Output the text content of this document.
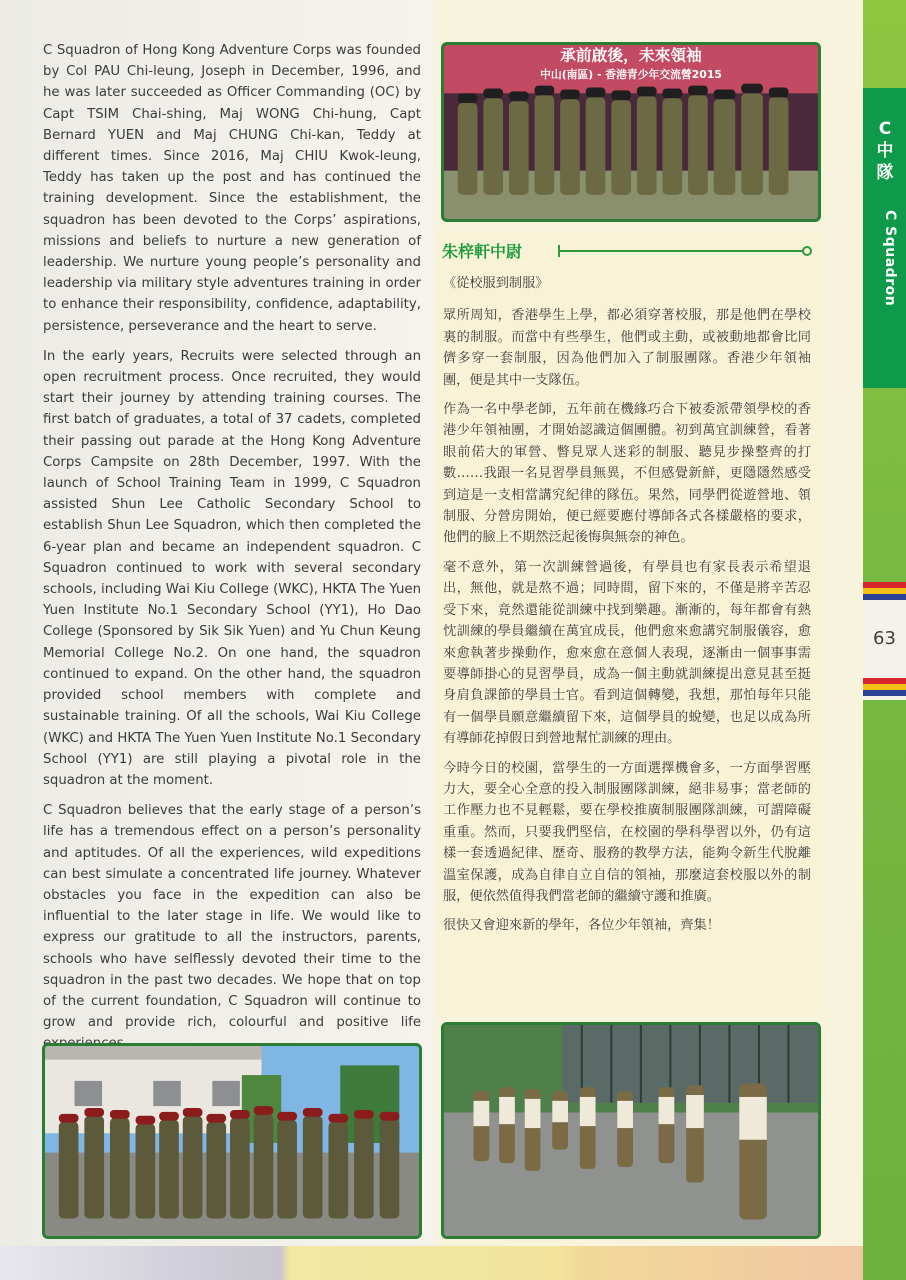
C
中
隊
C Squadron
63

C Squadron of Hong Kong Adventure Corps was founded by Col PAU Chi-leung, Joseph in December, 1996, and he was later succeeded as Officer Commanding (OC) by Capt TSIM Chai-shing, Maj WONG Chi-hung, Capt Bernard YUEN and Maj CHUNG Chi-kan, Teddy at different times. Since 2016, Maj CHIU Kwok-leung, Teddy has taken up the post and has continued the training development. Since the establishment, the squadron has been devoted to the Corps’ aspirations, missions and beliefs to nurture a new generation of leadership. We nurture young people’s personality and leadership via military style adventures training in order to enhance their responsibility, confidence, adaptability, persistence, perseverance and the heart to serve.

In the early years, Recruits were selected through an open recruitment process. Once recruited, they would start their journey by attending training courses. The first batch of graduates, a total of 37 cadets, completed their passing out parade at the Hong Kong Adventure Corps Campsite on 28th December, 1997. With the launch of School Training Team in 1999, C Squadron assisted Shun Lee Catholic Secondary School to establish Shun Lee Squadron, which then completed the 6-year plan and became an independent squadron. C Squadron continued to work with several secondary schools, including Wai Kiu College (WKC), HKTA The Yuen Yuen Institute No.1 Secondary School (YY1), Ho Dao College (Sponsored by Sik Sik Yuen) and Yu Chun Keung Memorial College No.2. On one hand, the squadron continued to expand. On the other hand, the squadron provided school members with complete and sustainable training. Of all the schools, Wai Kiu College (WKC) and HKTA The Yuen Yuen Institute No.1 Secondary School (YY1) are still playing a pivotal role in the squadron at the moment.

C Squadron believes that the early stage of a person’s life has a tremendous effect on a person’s personality and aptitudes. Of all the experiences, wild expeditions can best simulate a concentrated life journey. Whatever obstacles you face in the expedition can also be influential to the later stage in life. We would like to express our gratitude to all the instructors, parents, schools who have selflessly devoted their time to the squadron in the past two decades. We hope that on top of the current foundation, C Squadron will continue to grow and provide rich, colourful and positive life

朱梓軒中尉

《從校服到制服》

眾所周知，香港學生上學，都必須穿著校服，那是他們在學校裏的制服。而當中有些學生，他們或主動，或被動地都會比同儕多穿一套制服，因為他們加入了制服團隊。香港少年領袖團，便是其中一支隊伍。

作為一名中學老師，五年前在機緣巧合下被委派帶領學校的香港少年領袖團，才開始認識這個團體。初到萬宜訓練營，看著眼前偌大的軍營、瞥見眾人迷彩的制服、聽見步操整齊的打數……我跟一名見習學員無異，不但感覺新鮮，更隱隱然感受到這是一支相當講究紀律的隊伍。果然，同學們從遊營地、領制服、分營房開始，便已經要應付導師各式各樣嚴格的要求，他們的臉上不期然泛起後悔與無奈的神色。

毫不意外，第一次訓練營過後，有學員也有家長表示希望退出，無他，就是熬不過；同時間，留下來的，不僅是將辛苦忍受下來，竟然還能從訓練中找到樂趣。漸漸的，每年都會有熱忱訓練的學員繼續在萬宜成長，他們愈來愈講究制服儀容，愈來愈執著步操動作，愈來愈在意個人表現，逐漸由一個事事需要導師掛心的見習學員，成為一個主動就訓練提出意見甚至挺身肩負課節的學員士官。看到這個轉變，我想，那怕每年只能有一個學員願意繼續留下來，這個學員的蛻變，也足以成為所有導師花掉假日到營地幫忙訓練的理由。

今時今日的校園，當學生的一方面選擇機會多，一方面學習壓力大，要全心全意的投入制服團隊訓練，絕非易事；當老師的工作壓力也不見輕鬆，要在學校推廣制服團隊訓練，可謂障礙重重。然而，只要我們堅信，在校園的學科學習以外，仍有這樣一套透過紀律、歷奇、服務的教學方法，能夠令新生代脫離溫室保護，成為自律自立自信的領袖，那麼這套校服以外的制服，便依然值得我們當老師的繼續守護和推廣。

很快又會迎來新的學年，各位少年領袖，齊集！

承前啟後，未來領袖
中山(南區) - 香港青少年交流營2015
